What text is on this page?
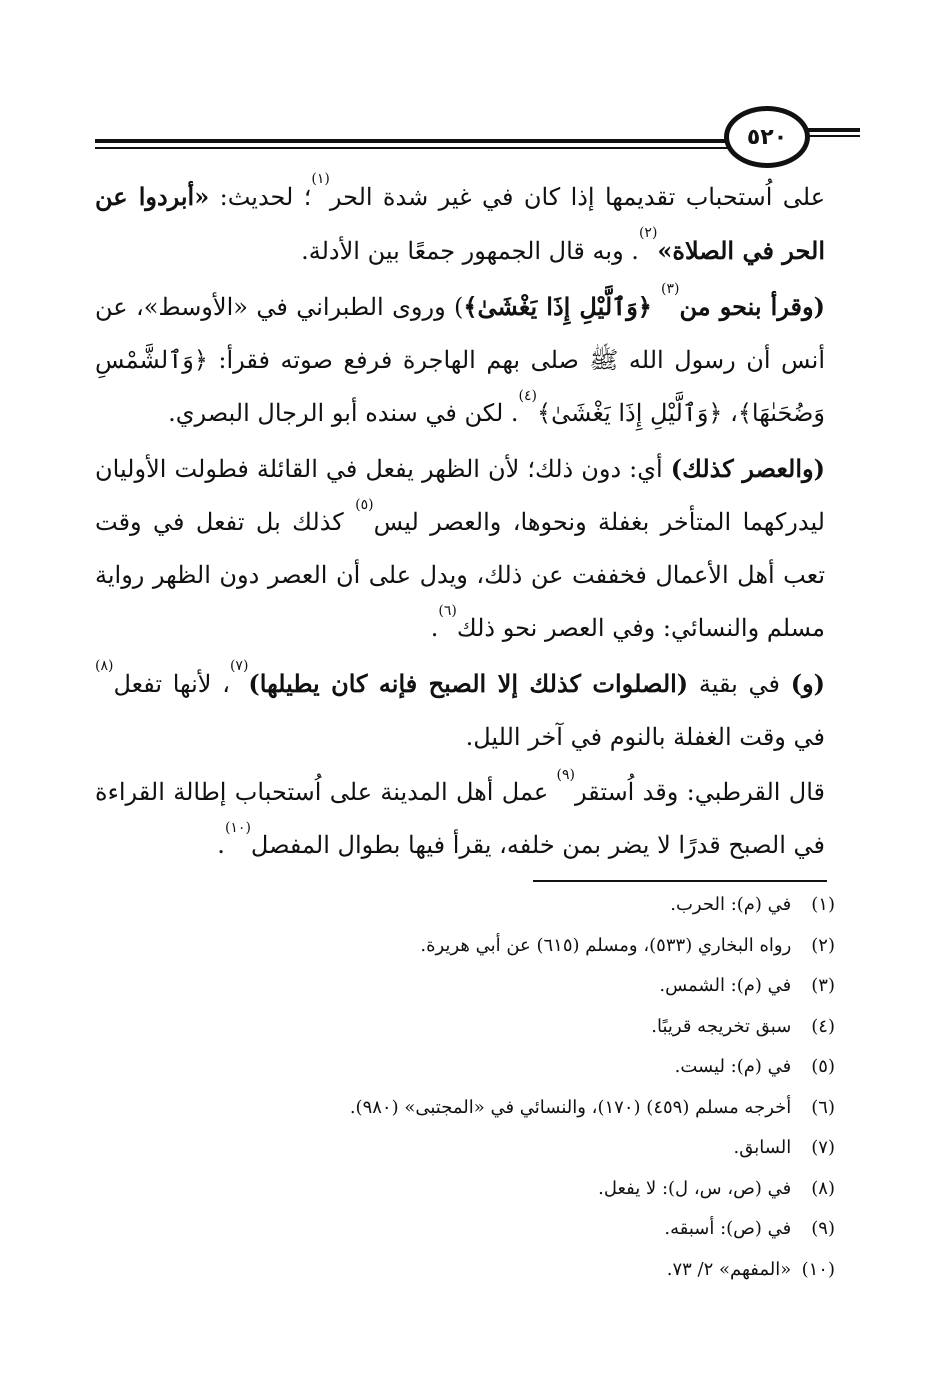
٥٢٠

على اُستحباب تقديمها إذا كان في غير شدة الحر$^{(١)}$؛ لحديث: «أبردوا عن الحر في الصلاة»$^{(٢)}$. وبه قال الجمهور جمعًا بين الأدلة.

(وقرأ بنحو من$^{(٣)}$ ﴿وَٱلَّيْلِ إِذَا يَغْشَىٰ﴾) وروى الطبراني في «الأوسط»، عن أنس أن رسول الله ﷺ صلى بهم الهاجرة فرفع صوته فقرأ: ﴿وَٱلشَّمْسِ وَضُحَىٰهَا﴾، ﴿وَٱلَّيْلِ إِذَا يَغْشَىٰ﴾$^{(٤)}$. لكن في سنده أبو الرجال البصري.

(والعصر كذلك) أي: دون ذلك؛ لأن الظهر يفعل في القائلة فطولت الأوليان ليدركهما المتأخر بغفلة ونحوها، والعصر ليس$^{(٥)}$ كذلك بل تفعل في وقت تعب أهل الأعمال فخففت عن ذلك، ويدل على أن العصر دون الظهر رواية مسلم والنسائي: وفي العصر نحو ذلك$^{(٦)}$.

(و) في بقية (الصلوات كذلك إلا الصبح فإنه كان يطيلها)$^{(٧)}$، لأنها تفعل$^{(٨)}$ في وقت الغفلة بالنوم في آخر الليل.

قال القرطبي: وقد اُستقر$^{(٩)}$ عمل أهل المدينة على اُستحباب إطالة القراءة في الصبح قدرًا لا يضر بمن خلفه، يقرأ فيها بطوال المفصل$^{(١٠)}$.

(١) في (م): الحرب.
(٢) رواه البخاري (٥٣٣)، ومسلم (٦١٥) عن أبي هريرة.
(٣) في (م): الشمس.
(٤) سبق تخريجه قريبًا.
(٥) في (م): ليست.
(٦) أخرجه مسلم (٤٥٩) (١٧٠)، والنسائي في «المجتبى» (٩٨٠).
(٧) السابق.
(٨) في (ص، س، ل): لا يفعل.
(٩) في (ص): أسبقه.
(١٠) «المفهم» ٢/ ٧٣.
